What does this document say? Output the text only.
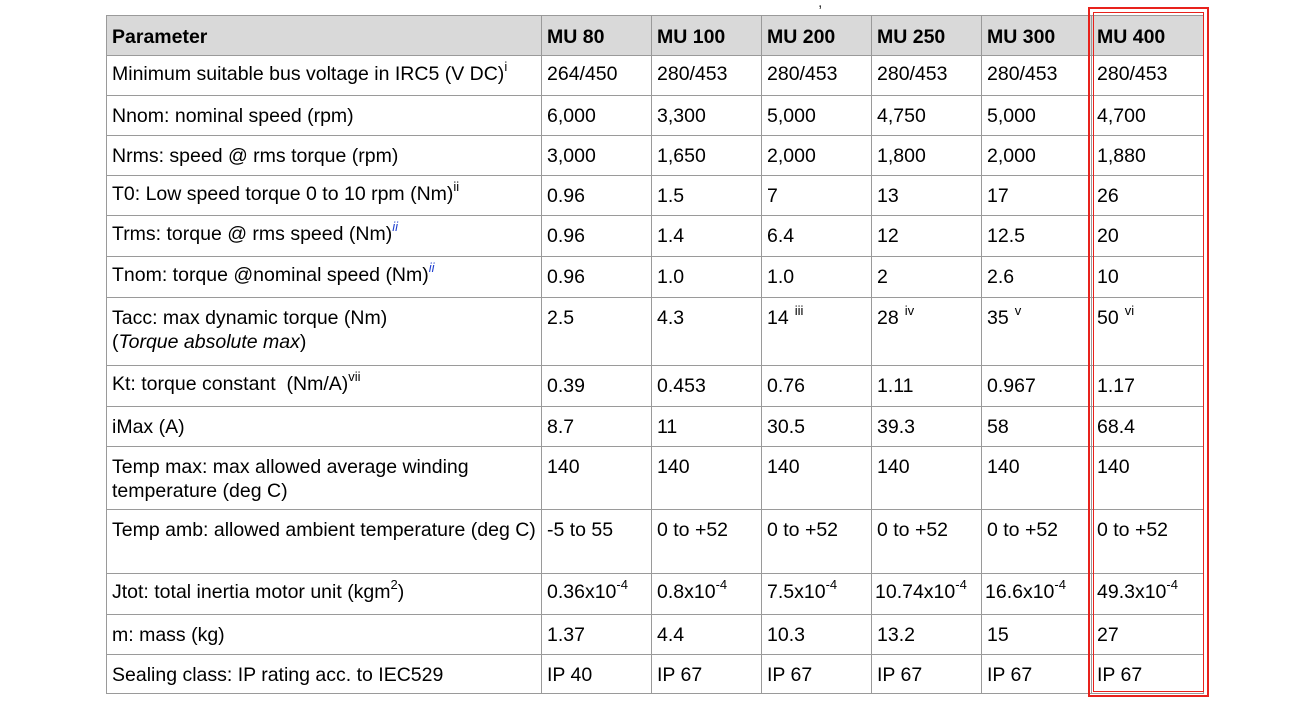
,
Parameter	MU 80	MU 100	MU 200	MU 250	MU 300	MU 400
Minimum suitable bus voltage in IRC5 (V DC)$^i$	264/450	280/453	280/453	280/453	280/453	280/453
Nnom: nominal speed (rpm)	6,000	3,300	5,000	4,750	5,000	4,700
Nrms: speed @ rms torque (rpm)	3,000	1,650	2,000	1,800	2,000	1,880
T0: Low speed torque 0 to 10 rpm $(Nm)^{ii}$	0.96	1.5	7	13	17	26
Trms: torque @ rms speed $(Nm)^{ii}$	0.96	1.4	6.4	12	12.5	20
Tnom: torque @nominal speed $(Nm)^{ii}$	0.96	1.0	1.0	2	2.6	10
Tacc: max dynamic torque (Nm)
(Torque absolute max)	2.5	4.3	14 $^{iii}$	28 $^{iv}$	35 $^v$	50 $^{vi}$
Kt: torque constant  $(Nm/A)^{vii}$	0.39	0.453	0.76	1.11	0.967	1.17
iMax (A)	8.7	11	30.5	39.3	58	68.4
Temp max: max allowed average winding temperature (deg C)	140	140	140	140	140	140
Temp amb: allowed ambient temperature (deg C)	-5 to 55	0 to +52	0 to +52	0 to +52	0 to +52	0 to +52
Jtot: total inertia motor unit (kgm$^2$)	$0.36x10^{-4}$	$0.8x10^{-4}$	$7.5x10^{-4}$	$10.74x10^{-4}$	$16.6x10^{-4}$	$49.3x10^{-4}$
m: mass (kg)	1.37	4.4	10.3	13.2	15	27
Sealing class: IP rating acc. to IEC529	IP 40	IP 67	IP 67	IP 67	IP 67	IP 67
